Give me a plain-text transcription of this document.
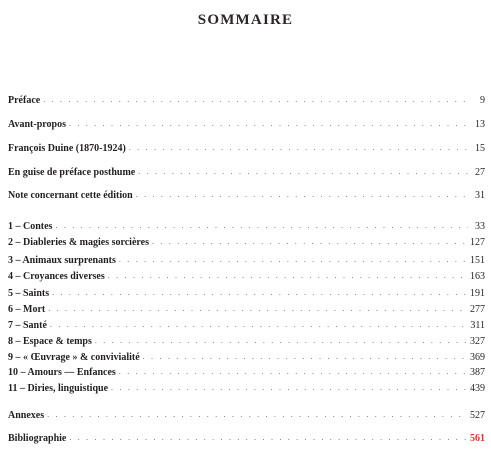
SOMMAIRE
Préface . . .	9
Avant-propos . . .	13
François Duine (1870-1924) . . .	15
En guise de préface posthume . . .	27
Note concernant cette édition . . .	31
1 – Contes . . .	33
2 – Diableries & magies sorcières . . .	127
3 – Animaux surprenants . . .	151
4 – Croyances diverses . . .	163
5 – Saints . . .	191
6 – Mort . . .	277
7 – Santé . . .	311
8 – Espace & temps . . .	327
9 – « Œuvrage » & convivialité . . .	369
10 – Amours — Enfances . . .	387
11 – Diries, linguistique . . .	439
Annexes . . .	527
Bibliographie . . .	561
